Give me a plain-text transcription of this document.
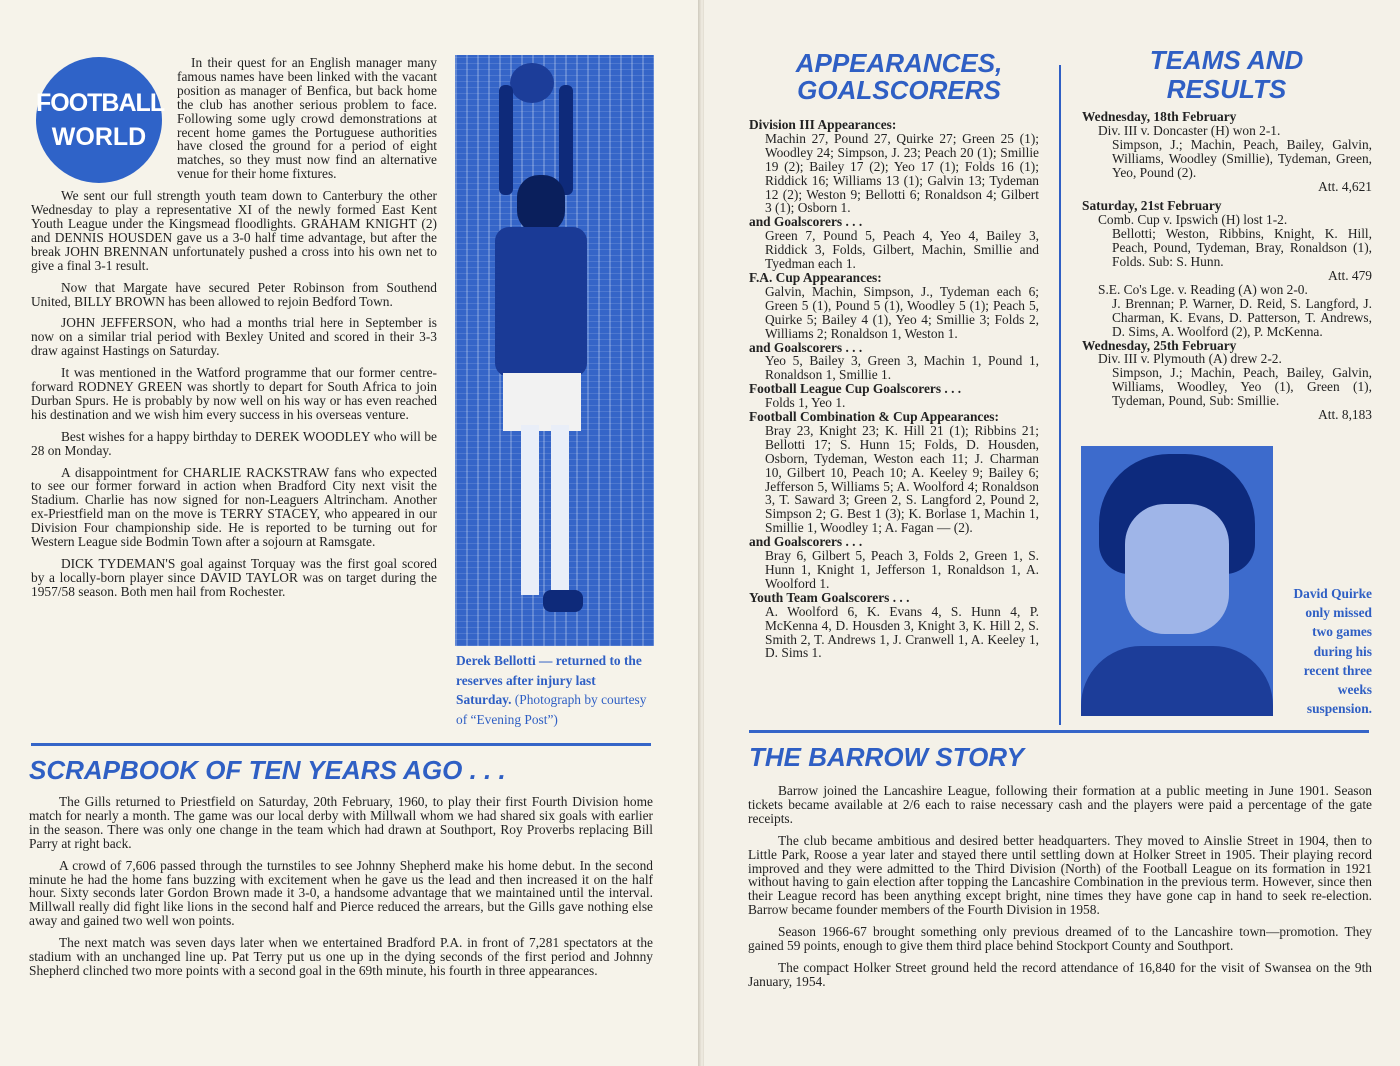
FOOTBALL
WORLD

In their quest for an English manager many famous names have been linked with the vacant position as manager of Benfica, but back home the club has another serious problem to face. Following some ugly crowd demonstrations at recent home games the Portuguese authorities have closed the ground for a period of eight matches, so they must now find an alternative venue for their home fixtures.

We sent our full strength youth team down to Canterbury the other Wednesday to play a representative XI of the newly formed East Kent Youth League under the Kingsmead floodlights. GRAHAM KNIGHT (2) and DENNIS HOUSDEN gave us a 3-0 half time advantage, but after the break JOHN BRENNAN unfortunately pushed a cross into his own net to give a final 3-1 result.

Now that Margate have secured Peter Robinson from Southend United, BILLY BROWN has been allowed to rejoin Bedford Town.

JOHN JEFFERSON, who had a months trial here in September is now on a similar trial period with Bexley United and scored in their 3-3 draw against Hastings on Saturday.

It was mentioned in the Watford programme that our former centre-forward RODNEY GREEN was shortly to depart for South Africa to join Durban Spurs. He is probably by now well on his way or has even reached his destination and we wish him every success in his overseas venture.

Best wishes for a happy birthday to DEREK WOODLEY who will be 28 on Monday.

A disappointment for CHARLIE RACKSTRAW fans who expected to see our former forward in action when Bradford City next visit the Stadium. Charlie has now signed for non-Leaguers Altrincham. Another ex-Priestfield man on the move is TERRY STACEY, who appeared in our Division Four championship side. He is reported to be turning out for Western League side Bodmin Town after a sojourn at Ramsgate.

DICK TYDEMAN'S goal against Torquay was the first goal scored by a locally-born player since DAVID TAYLOR was on target during the 1957/58 season. Both men hail from Rochester.

Derek Bellotti — returned to the reserves after injury last Saturday. (Photograph by courtesy of “Evening Post”)
SCRAPBOOK OF TEN YEARS AGO . . .

The Gills returned to Priestfield on Saturday, 20th February, 1960, to play their first Fourth Division home match for nearly a month. The game was our local derby with Millwall whom we had shared six goals with earlier in the season. There was only one change in the team which had drawn at Southport, Roy Proverbs replacing Bill Parry at right back.

A crowd of 7,606 passed through the turnstiles to see Johnny Shepherd make his home debut. In the second minute he had the home fans buzzing with excitement when he gave us the lead and then increased it on the half hour. Sixty seconds later Gordon Brown made it 3-0, a handsome advantage that we maintained until the interval. Millwall really did fight like lions in the second half and Pierce reduced the arrears, but the Gills gave nothing else away and gained two well won points.

The next match was seven days later when we entertained Bradford P.A. in front of 7,281 spectators at the stadium with an unchanged line up. Pat Terry put us one up in the dying seconds of the first period and Johnny Shepherd clinched two more points with a second goal in the 69th minute, his fourth in three appearances.

APPEARANCES,
GOALSCORERS
Division III Appearances:
Machin 27, Pound 27, Quirke 27; Green 25 (1); Woodley 24; Simpson, J. 23; Peach 20 (1); Smillie 19 (2); Bailey 17 (2); Yeo 17 (1); Folds 16 (1); Riddick 16; Williams 13 (1); Galvin 13; Tydeman 12 (2); Weston 9; Bellotti 6; Ronaldson 4; Gilbert 3 (1); Osborn 1.
and Goalscorers . . .
Green 7, Pound 5, Peach 4, Yeo 4, Bailey 3, Riddick 3, Folds, Gilbert, Machin, Smillie and Tyedman each 1.
F.A. Cup Appearances:
Galvin, Machin, Simpson, J., Tydeman each 6; Green 5 (1), Pound 5 (1), Woodley 5 (1); Peach 5, Quirke 5; Bailey 4 (1), Yeo 4; Smillie 3; Folds 2, Williams 2; Ronaldson 1, Weston 1.
and Goalscorers . . .
Yeo 5, Bailey 3, Green 3, Machin 1, Pound 1, Ronaldson 1, Smillie 1.
Football League Cup Goalscorers . . .
Folds 1, Yeo 1.
Football Combination & Cup Appearances:
Bray 23, Knight 23; K. Hill 21 (1); Ribbins 21; Bellotti 17; S. Hunn 15; Folds, D. Housden, Osborn, Tydeman, Weston each 11; J. Charman 10, Gilbert 10, Peach 10; A. Keeley 9; Bailey 6; Jefferson 5, Williams 5; A. Woolford 4; Ronaldson 3, T. Saward 3; Green 2, S. Langford 2, Pound 2, Simpson 2; G. Best 1 (3); K. Borlase 1, Machin 1, Smillie 1, Woodley 1; A. Fagan — (2).
and Goalscorers . . .
Bray 6, Gilbert 5, Peach 3, Folds 2, Green 1, S. Hunn 1, Knight 1, Jefferson 1, Ronaldson 1, A. Woolford 1.
Youth Team Goalscorers . . .
A. Woolford 6, K. Evans 4, S. Hunn 4, P. McKenna 4, D. Housden 3, Knight 3, K. Hill 2, S. Smith 2, T. Andrews 1, J. Cranwell 1, A. Keeley 1, D. Sims 1.
TEAMS AND
RESULTS
Wednesday, 18th February
Div. III v. Doncaster (H) won 2-1.
Simpson, J.; Machin, Peach, Bailey, Galvin, Williams, Woodley (Smillie), Tydeman, Green, Yeo, Pound (2).
Att. 4,621
Saturday, 21st February
Comb. Cup v. Ipswich (H) lost 1-2.
Bellotti; Weston, Ribbins, Knight, K. Hill, Peach, Pound, Tydeman, Bray, Ronaldson (1), Folds. Sub: S. Hunn.
Att. 479
S.E. Co's Lge. v. Reading (A) won 2-0.
J. Brennan; P. Warner, D. Reid, S. Langford, J. Charman, K. Evans, D. Patterson, T. Andrews, D. Sims, A. Woolford (2), P. McKenna.
Wednesday, 25th February
Div. III v. Plymouth (A) drew 2-2.
Simpson, J.; Machin, Peach, Bailey, Galvin, Williams, Woodley, Yeo (1), Green (1), Tydeman, Pound, Sub: Smillie.
Att. 8,183
David Quirke only missed two games during his recent three weeks suspension.
THE BARROW STORY

Barrow joined the Lancashire League, following their formation at a public meeting in June 1901. Season tickets became available at 2/6 each to raise necessary cash and the players were paid a percentage of the gate receipts.

The club became ambitious and desired better headquarters. They moved to Ainslie Street in 1904, then to Little Park, Roose a year later and stayed there until settling down at Holker Street in 1905. Their playing record improved and they were admitted to the Third Division (North) of the Football League on its formation in 1921 without having to gain election after topping the Lancashire Combination in the previous term. However, since then their League record has been anything except bright, nine times they have gone cap in hand to seek re-election. Barrow became founder members of the Fourth Division in 1958.

Season 1966-67 brought something only previous dreamed of to the Lancashire town—promotion. They gained 59 points, enough to give them third place behind Stockport County and Southport.

The compact Holker Street ground held the record attendance of 16,840 for the visit of Swansea on the 9th January, 1954.
